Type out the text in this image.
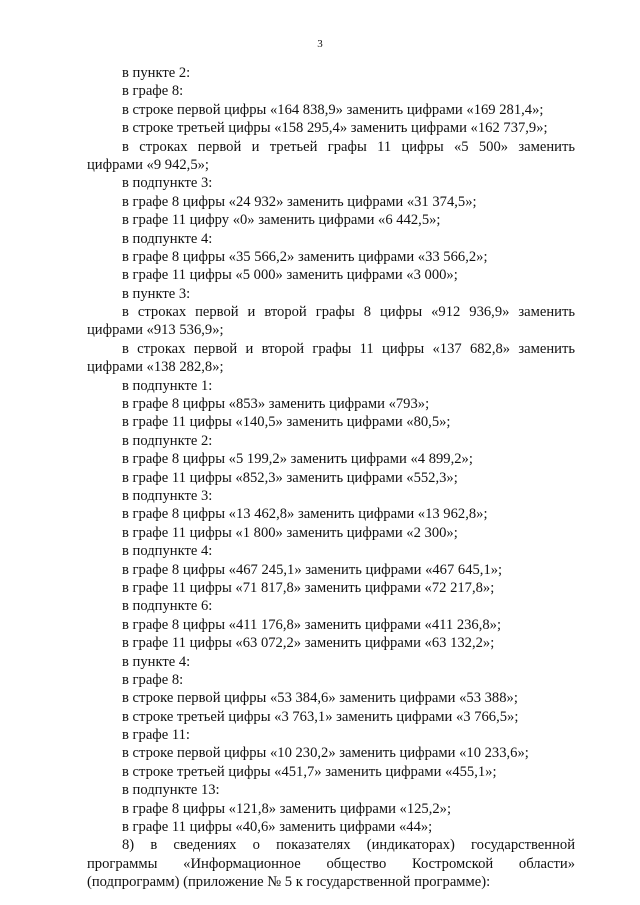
3
в пункте 2:
в графе 8:
в строке первой цифры «164 838,9» заменить цифрами «169 281,4»;
в строке третьей цифры «158 295,4» заменить цифрами «162 737,9»;
в строках первой и третьей графы 11 цифры «5 500» заменить
цифрами «9 942,5»;
в подпункте 3:
в графе 8 цифры «24 932» заменить цифрами «31 374,5»;
в графе 11 цифру «0» заменить цифрами «6 442,5»;
в подпункте 4:
в графе 8 цифры «35 566,2» заменить цифрами «33 566,2»;
в графе 11 цифры «5 000» заменить цифрами «3 000»;
в пункте 3:
в строках первой и второй графы 8 цифры «912 936,9» заменить
цифрами «913 536,9»;
в строках первой и второй графы 11 цифры «137 682,8» заменить
цифрами «138 282,8»;
в подпункте 1:
в графе 8 цифры «853» заменить цифрами «793»;
в графе 11 цифры «140,5» заменить цифрами «80,5»;
в подпункте 2:
в графе 8 цифры «5 199,2» заменить цифрами «4 899,2»;
в графе 11 цифры «852,3» заменить цифрами «552,3»;
в подпункте 3:
в графе 8 цифры «13 462,8» заменить цифрами «13 962,8»;
в графе 11 цифры «1 800» заменить цифрами «2 300»;
в подпункте 4:
в графе 8 цифры «467 245,1» заменить цифрами «467 645,1»;
в графе 11 цифры «71 817,8» заменить цифрами «72 217,8»;
в подпункте 6:
в графе 8 цифры «411 176,8» заменить цифрами «411 236,8»;
в графе 11 цифры «63 072,2» заменить цифрами «63 132,2»;
в пункте 4:
в графе 8:
в строке первой цифры «53 384,6» заменить цифрами «53 388»;
в строке третьей цифры «3 763,1» заменить цифрами «3 766,5»;
в графе 11:
в строке первой цифры «10 230,2» заменить цифрами «10 233,6»;
в строке третьей цифры «451,7» заменить цифрами «455,1»;
в подпункте 13:
в графе 8 цифры «121,8» заменить цифрами «125,2»;
в графе 11 цифры «40,6» заменить цифрами «44»;
8) в сведениях о показателях (индикаторах) государственной
программы «Информационное общество Костромской области»
(подпрограмм) (приложение № 5 к государственной программе):
